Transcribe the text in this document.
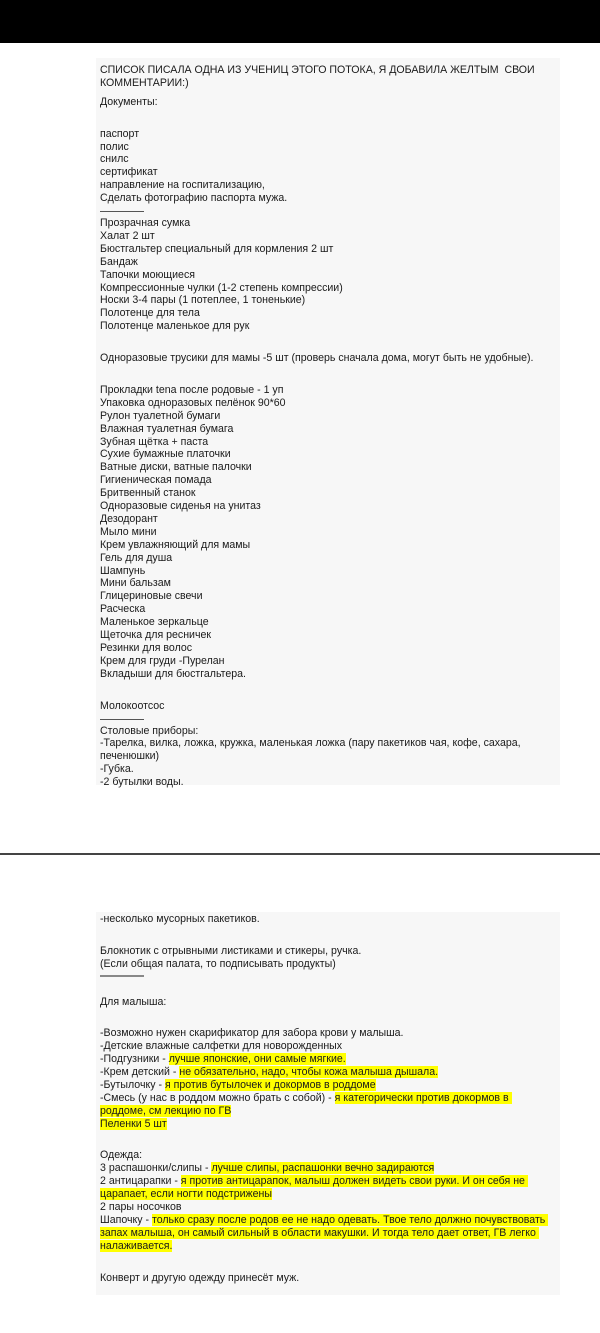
СПИСОК ПИСАЛА ОДНА ИЗ УЧЕНИЦ ЭТОГО ПОТОКА, Я ДОБАВИЛА ЖЕЛТЫМ  СВОИ КОММЕНТАРИИ:)

Документы:

паспорт

полис

снилс

сертификат

направление на госпитализацию,

Сделать фотографию паспорта мужа.

Прозрачная сумка

Халат 2 шт

Бюстгальтер специальный для кормления 2 шт

Бандаж

Тапочки моющиеся

Компрессионные чулки (1-2 степень компрессии)

Носки 3-4 пары (1 потеплее, 1 тоненькие)

Полотенце для тела

Полотенце маленькое для рук

Одноразовые трусики для мамы -5 шт (проверь сначала дома, могут быть не удобные).

Прокладки tena после родовые - 1 уп

Упаковка одноразовых пелёнок 90*60

Рулон туалетной бумаги

Влажная туалетная бумага

Зубная щётка + паста

Сухие бумажные платочки

Ватные диски, ватные палочки

Гигиеническая помада

Бритвенный станок

Одноразовые сиденья на унитаз

Дезодорант

Мыло мини

Крем увлажняющий для мамы

Гель для душа

Шампунь

Мини бальзам

Глицериновые свечи

Расческа

Маленькое зеркальце

Щеточка для ресничек

Резинки для волос

Крем для груди -Пурелан

Вкладыши для бюстгальтера.

Молокоотсос

Столовые приборы:

-Тарелка, вилка, ложка, кружка, маленькая ложка (пару пакетиков чая, кофе, сахара, печенюшки)

-Губка.

-2 бутылки воды.

-несколько мусорных пакетиков.

Блокнотик с отрывными листиками и стикеры, ручка.

(Если общая палата, то подписывать продукты)

Для малыша:

-Возможно нужен скарификатор для забора крови у малыша.

-Детские влажные салфетки для новорожденных

-Подгузники - лучше японские, они самые мягкие.

-Крем детский - не обязательно, надо, чтобы кожа малыша дышала.

-Бутылочку - я против бутылочек и докормов в роддоме

-Смесь (у нас в роддом можно брать с собой) - я категорически против докормов в роддоме, см лекцию по ГВ

Пеленки 5 шт

Одежда:

3 распашонки/слипы - лучше слипы, распашонки вечно задираются

2 антицарапки - я против антицарапок, малыш должен видеть свои руки. И он себя не царапает, если ногти подстрижены

2 пары носочков

Шапочку - только сразу после родов ее не надо одевать. Твое тело должно почувствовать запах малыша, он самый сильный в области макушки. И тогда тело дает ответ, ГВ легко налаживается.

Конверт и другую одежду принесёт муж.
